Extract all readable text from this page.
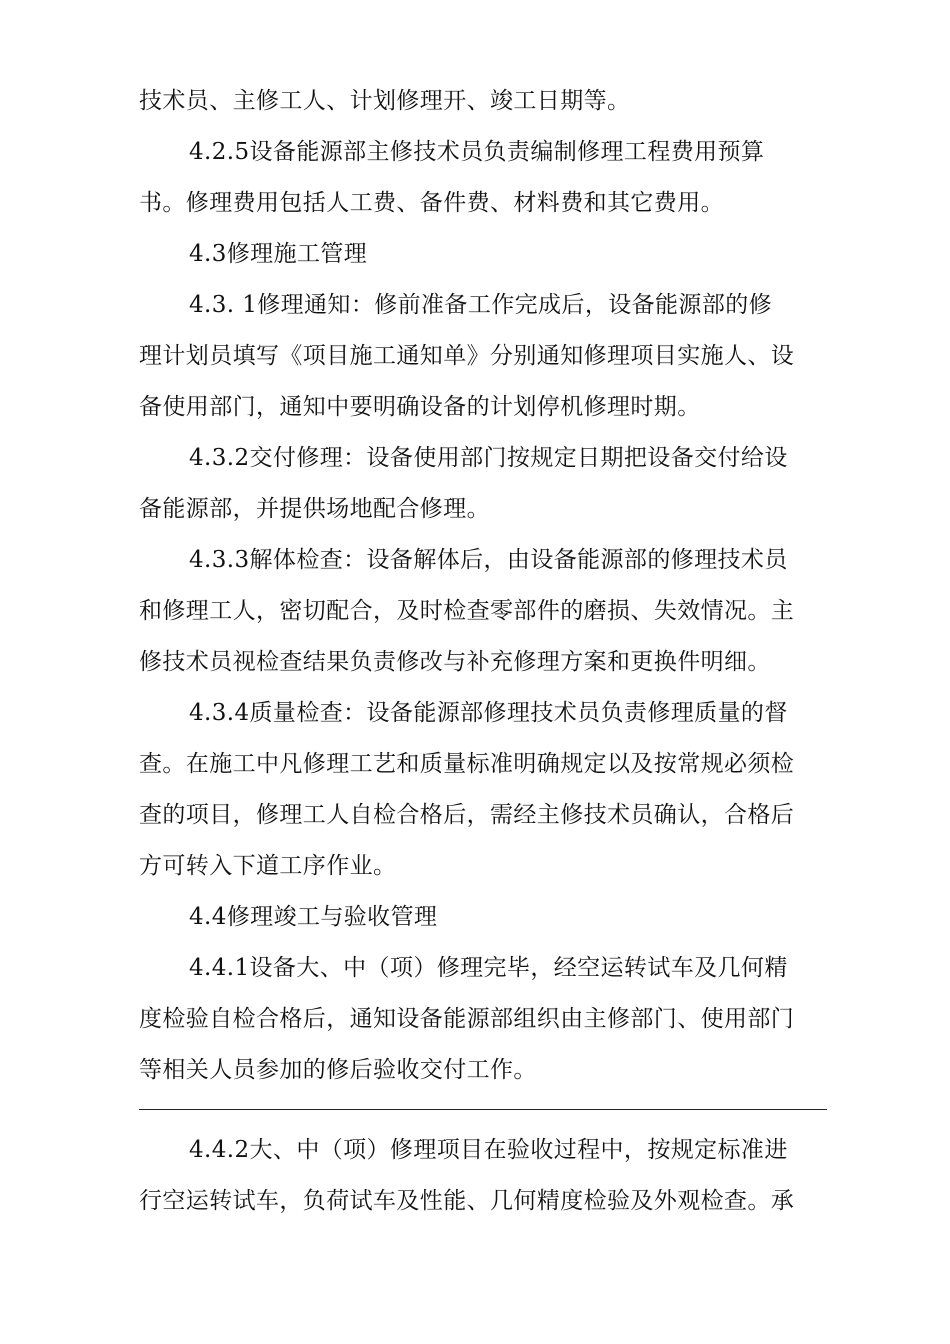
技术员、主修工人、计划修理开、竣工日期等。
4.2.5设备能源部主修技术员负责编制修理工程费用预算
书。修理费用包括人工费、备件费、材料费和其它费用。
4.3修理施工管理
4.3. 1修理通知：修前准备工作完成后，设备能源部的修
理计划员填写《项目施工通知单》分别通知修理项目实施人、设
备使用部门，通知中要明确设备的计划停机修理时期。
4.3.2交付修理：设备使用部门按规定日期把设备交付给设
备能源部，并提供场地配合修理。
4.3.3解体检查：设备解体后，由设备能源部的修理技术员
和修理工人，密切配合，及时检查零部件的磨损、失效情况。主
修技术员视检查结果负责修改与补充修理方案和更换件明细。
4.3.4质量检查：设备能源部修理技术员负责修理质量的督
查。在施工中凡修理工艺和质量标准明确规定以及按常规必须检
查的项目，修理工人自检合格后，需经主修技术员确认，合格后
方可转入下道工序作业。
4.4修理竣工与验收管理
4.4.1设备大、中（项）修理完毕，经空运转试车及几何精
度检验自检合格后，通知设备能源部组织由主修部门、使用部门
等相关人员参加的修后验收交付工作。
4.4.2大、中（项）修理项目在验收过程中，按规定标准进
行空运转试车，负荷试车及性能、几何精度检验及外观检查。承
